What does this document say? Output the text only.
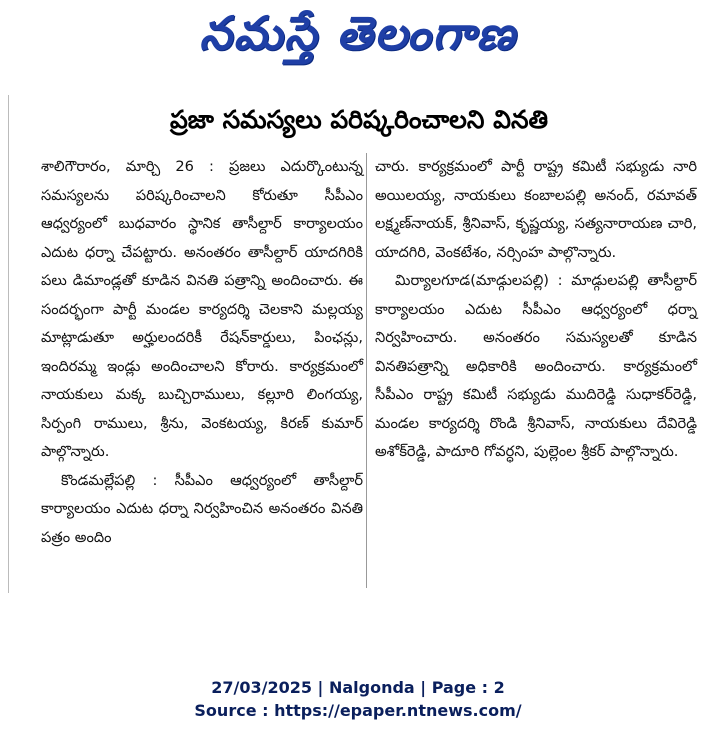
నమస్తే తెలంగాణ
ప్రజా సమస్యలు పరిష్కరించాలని వినతి

శాలిగౌరారం, మార్చి 26 : ప్రజలు ఎదుర్కొంటున్న సమస్యలను పరిష్కరించాలని కోరుతూ సీపీఎం ఆధ్వర్యంలో బుధవారం స్థానిక తాసీల్దార్ కార్యాలయం ఎదుట ధర్నా చేపట్టారు. అనంతరం తాసీల్దార్ యాదగిరికి పలు డిమాండ్లతో కూడిన వినతి పత్రాన్ని అందించారు. ఈ సందర్భంగా పార్టీ మండల కార్యదర్శి చెలకాని మల్లయ్య మాట్లాడుతూ అర్హులందరికీ రేషన్‌కార్డులు, పింఛన్లు, ఇందిరమ్మ ఇండ్లు అందించాలని కోరారు. కార్యక్రమంలో నాయకులు మక్క బుచ్చిరాములు, కల్లూరి లింగయ్య, సిర్పంగి రాములు, శ్రీను, వెంకటయ్య, కిరణ్ కుమార్ పాల్గొన్నారు.

కొండమల్లేపల్లి : సీపీఎం ఆధ్వర్యంలో తాసీల్దార్ కార్యాలయం ఎదుట ధర్నా నిర్వహించిన అనంతరం వినతి పత్రం అందిం

చారు. కార్యక్రమంలో పార్టీ రాష్ట్ర కమిటీ సభ్యుడు నారి అయిలయ్య, నాయకులు కంబాలపల్లి అనంద్, రమావత్ లక్ష్మణ్‌నాయక్, శ్రీనివాస్, కృష్ణయ్య, సత్యనారాయణ చారి, యాదగిరి, వెంకటేశం, నర్సింహ పాల్గొన్నారు.

మిర్యాలగూడ(మాడ్గులపల్లి) : మాడ్గులపల్లి తాసీల్దార్ కార్యాలయం ఎదుట సీపీఎం ఆధ్వర్యంలో ధర్నా నిర్వహించారు. అనంతరం సమస్యలతో కూడిన వినతిపత్రాన్ని అధికారికి అందించారు. కార్యక్రమంలో సీపీఎం రాష్ట్ర కమిటీ సభ్యుడు ముదిరెడ్డి సుధాకర్‌రెడ్డి, మండల కార్యదర్శి రొండి శ్రీనివాస్, నాయకులు దేవిరెడ్డి అశోక్‌రెడ్డి, పాదూరి గోవర్ధని, పుల్లెంల శ్రీకర్ పాల్గొన్నారు.

27/03/2025 | Nalgonda | Page : 2
Source : https://epaper.ntnews.com/
